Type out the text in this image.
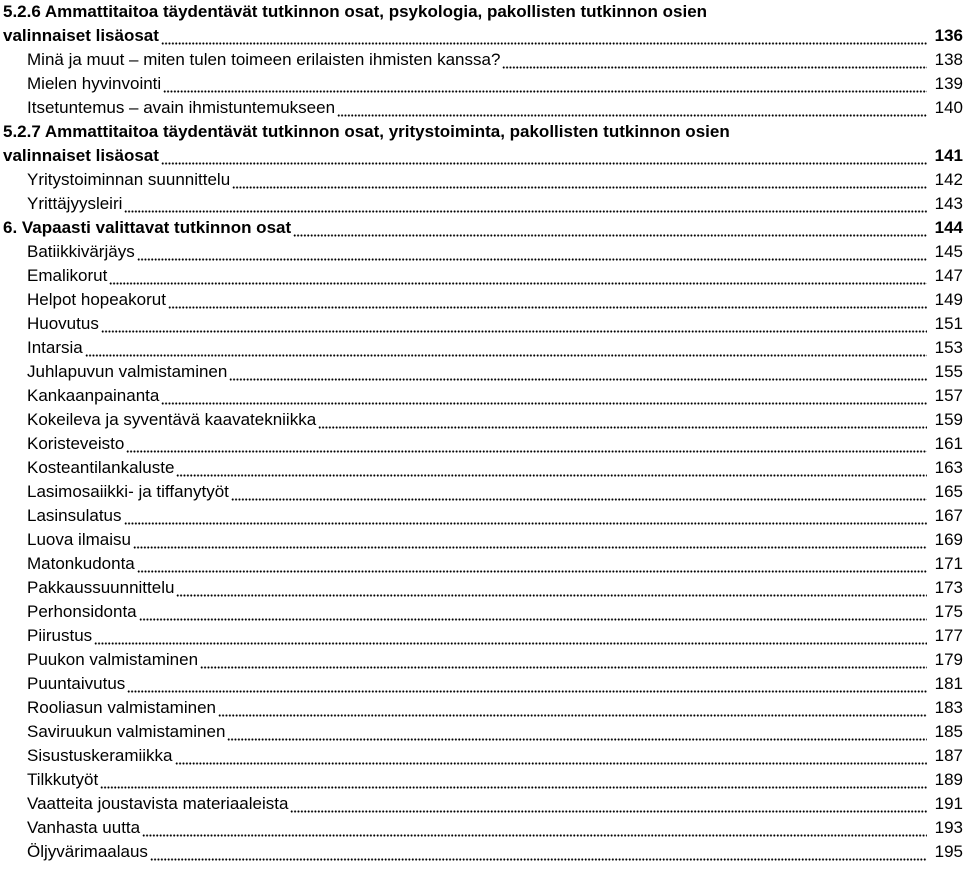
5.2.6 Ammattitaitoa täydentävät tutkinnon osat, psykologia, pakollisten tutkinnon osien
valinnaiset lisäosat	136
Minä ja muut – miten tulen toimeen erilaisten ihmisten kanssa?	138
Mielen hyvinvointi	139
Itsetuntemus – avain ihmistuntemukseen	140
5.2.7 Ammattitaitoa täydentävät tutkinnon osat, yritystoiminta, pakollisten tutkinnon osien
valinnaiset lisäosat	141
Yritystoiminnan suunnittelu	142
Yrittäjyysleiri	143
6. Vapaasti valittavat tutkinnon osat	144
Batiikkivärjäys	145
Emalikorut	147
Helpot hopeakorut	149
Huovutus	151
Intarsia	153
Juhlapuvun valmistaminen	155
Kankaanpainanta	157
Kokeileva ja syventävä kaavatekniikka	159
Koristeveisto	161
Kosteantilankaluste	163
Lasimosaiikki- ja tiffanytyöt	165
Lasinsulatus	167
Luova ilmaisu	169
Matonkudonta	171
Pakkaussuunnittelu	173
Perhonsidonta	175
Piirustus	177
Puukon valmistaminen	179
Puuntaivutus	181
Rooliasun valmistaminen	183
Saviruukun valmistaminen	185
Sisustuskeramiikka	187
Tilkkutyöt	189
Vaatteita joustavista materiaaleista	191
Vanhasta uutta	193
Öljyvärimaalaus	195
